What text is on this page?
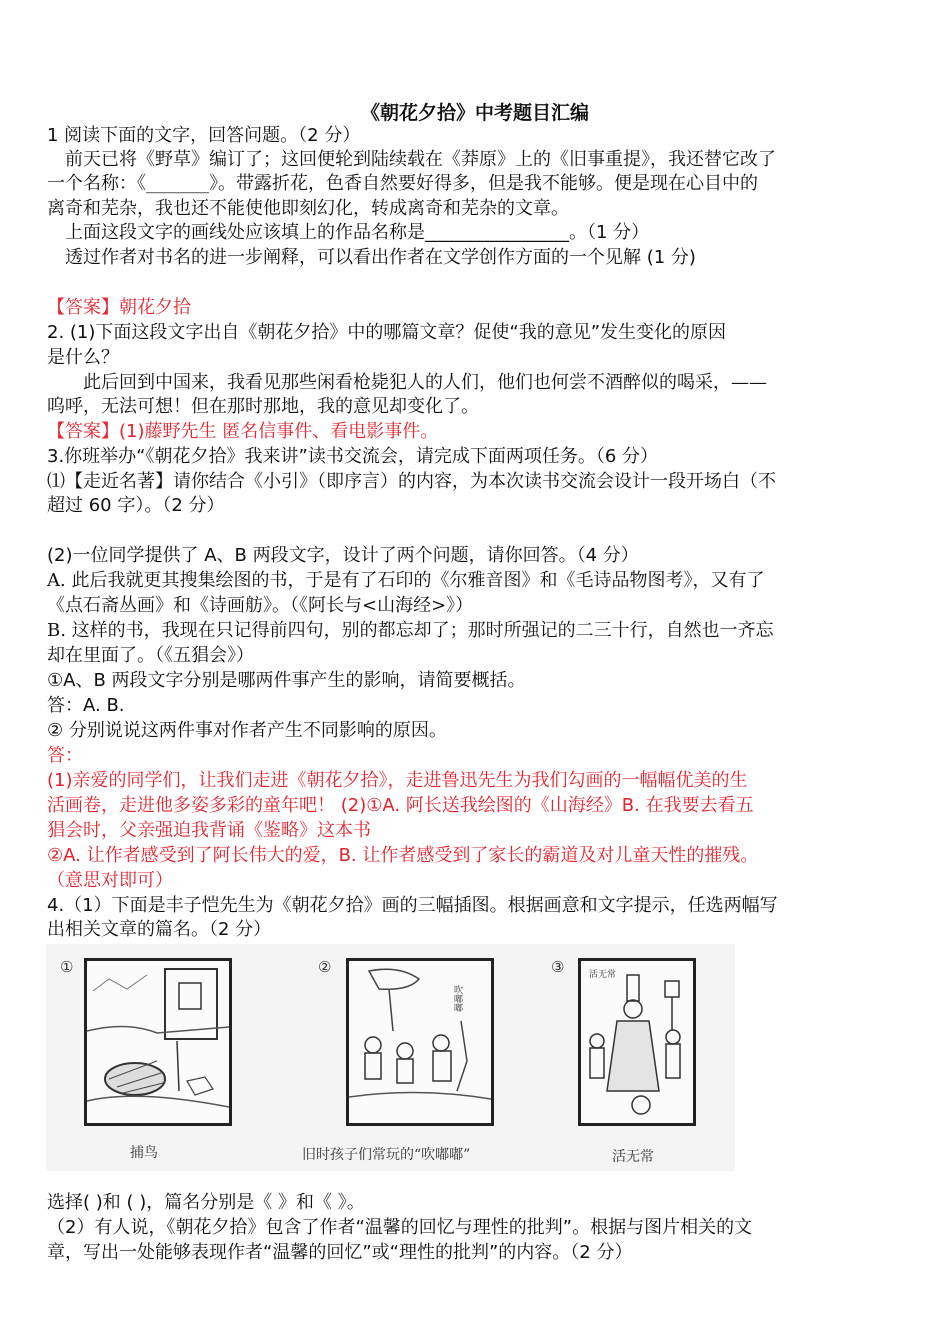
《朝花夕拾》中考题目汇编
1 阅读下面的文字，回答问题。（2 分）
　前天已将《野草》编订了；这回便轮到陆续载在《莽原》上的《旧事重提》，我还替它改了
一个名称：《_______》。带露折花，色香自然要好得多，但是我不能够。便是现在心目中的
离奇和芜杂，我也还不能使他即刻幻化，转成离奇和芜杂的文章。
　上面这段文字的画线处应该填上的作品名称是________________。（1 分）
　透过作者对书名的进一步阐释，可以看出作者在文学创作方面的一个见解 (1 分)
【答案】朝花夕拾
2. (1)下面这段文字出自《朝花夕拾》中的哪篇文章？促使“我的意见”发生变化的原因
是什么？
　　此后回到中国来，我看见那些闲看枪毙犯人的人们，他们也何尝不酒醉似的喝采，——
呜呼，无法可想！但在那时那地，我的意见却变化了。
【答案】(1)藤野先生 匿名信事件、看电影事件。
3.你班举办“《朝花夕拾》我来讲”读书交流会，请完成下面两项任务。（6 分）
⑴【走近名著】请你结合《小引》（即序言）的内容，为本次读书交流会设计一段开场白（不
超过 60 字）。（2 分）
(2)一位同学提供了 A、B 两段文字，设计了两个问题，请你回答。（4 分）
A. 此后我就更其搜集绘图的书，于是有了石印的《尔雅音图》和《毛诗品物图考》，又有了
《点石斋丛画》和《诗画舫》。（《阿长与<山海经>》）
B. 这样的书，我现在只记得前四句，别的都忘却了；那时所强记的二三十行，自然也一齐忘
却在里面了。（《五猖会》）
①A、B 两段文字分别是哪两件事产生的影响，请简要概括。
答：A. B.
② 分别说说这两件事对作者产生不同影响的原因。
答：
(1)亲爱的同学们，让我们走进《朝花夕拾》，走进鲁迅先生为我们勾画的一幅幅优美的生
活画卷，走进他多姿多彩的童年吧！ (2)①A. 阿长送我绘图的《山海经》B. 在我要去看五
猖会时，父亲强迫我背诵《鉴略》这本书
②A. 让作者感受到了阿长伟大的爱，B. 让作者感受到了家长的霸道及对儿童天性的摧残。
（意思对即可）
4.（1）下面是丰子恺先生为《朝花夕拾》画的三幅插图。根据画意和文字提示，任选两幅写
出相关文章的篇名。（2 分）
①
捕鸟
②
吹嘟嘟
旧时孩子们常玩的“吹嘟嘟”
③	活无常
活无常
选择( )和 ( )，篇名分别是《 》和《 》。
（2）有人说，《朝花夕拾》包含了作者“温馨的回忆与理性的批判”。根据与图片相关的文
章，写出一处能够表现作者“温馨的回忆”或“理性的批判”的内容。（2 分）
